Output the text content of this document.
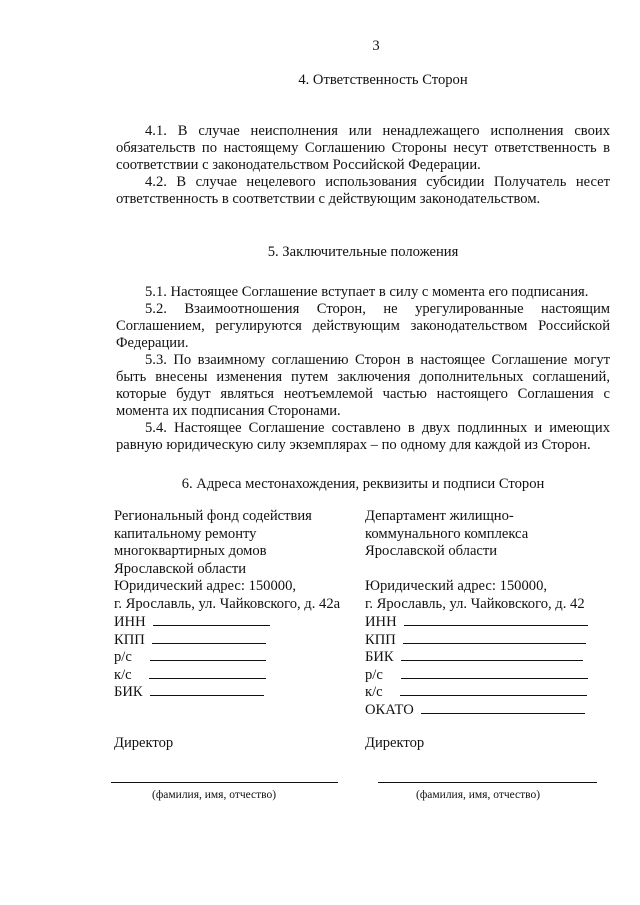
3
4. Ответственность Сторон

4.1. В случае неисполнения или ненадлежащего исполнения своих обязательств по настоящему Соглашению Стороны несут ответственность в соответствии с законодательством Российской Федерации.

4.2. В случае нецелевого использования субсидии Получатель несет ответственность в соответствии с действующим законодательством.

5. Заключительные положения

5.1. Настоящее Соглашение вступает в силу с момента его подписания.

5.2. Взаимоотношения Сторон, не урегулированные настоящим Соглашением, регулируются действующим законодательством Российской Федерации.

5.3. По взаимному соглашению Сторон в настоящее Соглашение могут быть внесены изменения путем заключения дополнительных соглашений, которые будут являться неотъемлемой частью настоящего Соглашения с момента их подписания Сторонами.

5.4. Настоящее Соглашение составлено в двух подлинных и имеющих равную юридическую силу экземплярах – по одному для каждой из Сторон.

6. Адреса местонахождения, реквизиты и подписи Сторон
Региональный фонд содействия
капитальному ремонту
многоквартирных домов
Ярославской области
Юридический адрес: 150000,
г. Ярославль, ул. Чайковского, д. 42а
ИНН
КПП
р/с
к/с
БИК
Департамент жилищно-
коммунального комплекса
Ярославской области
Юридический адрес: 150000,
г. Ярославль, ул. Чайковского, д. 42
ИНН
КПП
БИК
р/с
к/с
ОКАТО
Директор	Директор
(фамилия, имя, отчество)	(фамилия, имя, отчество)
